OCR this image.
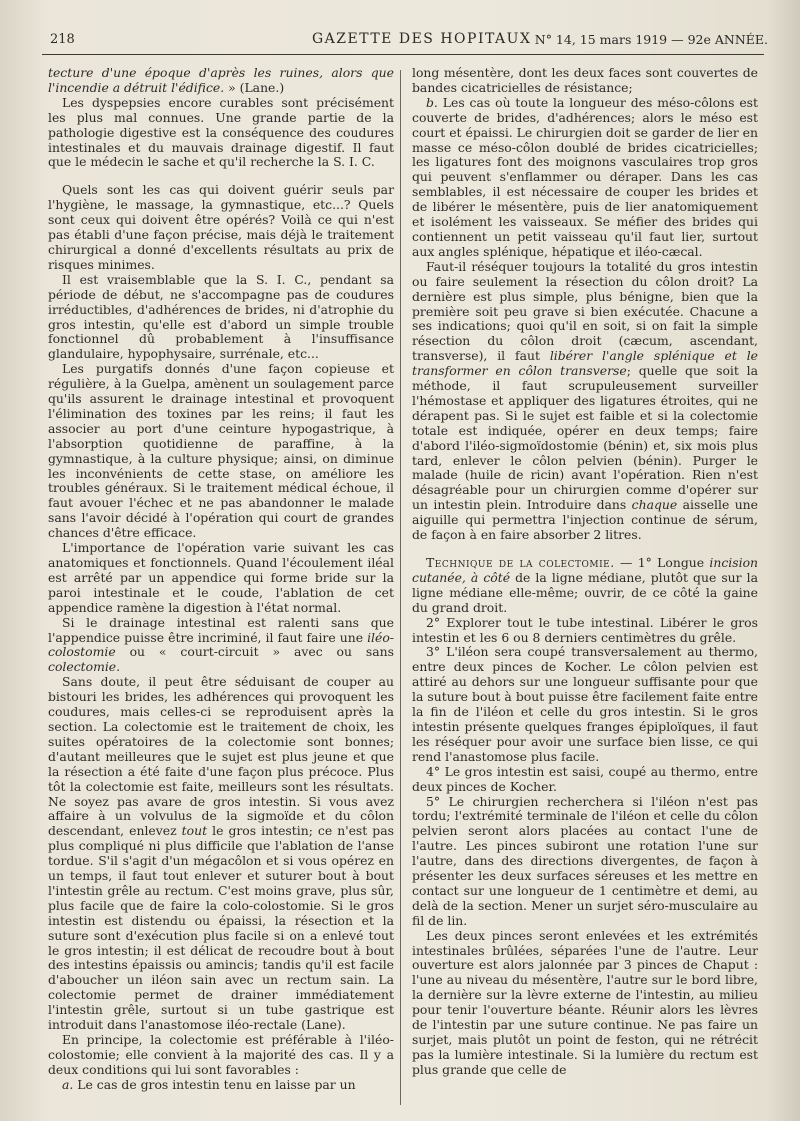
218	GAZETTE DES HOPITAUX N° 14, 15 mars 1919 — 92e ANNÉE.

tecture d'une époque d'après les ruines, alors que l'incendie a détruit l'édifice. » (Lane.)

Les dyspepsies encore curables sont précisément les plus mal connues. Une grande partie de la pathologie digestive est la conséquence des coudures intestinales et du mauvais drainage digestif. Il faut que le médecin le sache et qu'il recherche la S. I. C.

Quels sont les cas qui doivent guérir seuls par l'hygiène, le massage, la gymnastique, etc...? Quels sont ceux qui doivent être opérés? Voilà ce qui n'est pas établi d'une façon précise, mais déjà le traitement chirurgical a donné d'excellents résultats au prix de risques minimes.

Il est vraisemblable que la S. I. C., pendant sa période de début, ne s'accompagne pas de coudures irréductibles, d'adhérences de brides, ni d'atrophie du gros intestin, qu'elle est d'abord un simple trouble fonctionnel dû probablement à l'insuffisance glandulaire, hypophysaire, surrénale, etc...

Les purgatifs donnés d'une façon copieuse et régulière, à la Guelpa, amènent un soulagement parce qu'ils assurent le drainage intestinal et provoquent l'élimination des toxines par les reins; il faut les associer au port d'une ceinture hypogastrique, à l'absorption quotidienne de paraffine, à la gymnastique, à la culture physique; ainsi, on diminue les inconvénients de cette stase, on améliore les troubles généraux. Si le traitement médical échoue, il faut avouer l'échec et ne pas abandonner le malade sans l'avoir décidé à l'opération qui court de grandes chances d'être efficace.

L'importance de l'opération varie suivant les cas anatomiques et fonctionnels. Quand l'écoulement iléal est arrêté par un appendice qui forme bride sur la paroi intestinale et le coude, l'ablation de cet appendice ramène la digestion à l'état normal.

Si le drainage intestinal est ralenti sans que l'appendice puisse être incriminé, il faut faire une iléo-colostomie ou « court-circuit » avec ou sans colectomie.

Sans doute, il peut être séduisant de couper au bistouri les brides, les adhérences qui provoquent les coudures, mais celles-ci se reproduisent après la section. La colectomie est le traitement de choix, les suites opératoires de la colectomie sont bonnes; d'autant meilleures que le sujet est plus jeune et que la résection a été faite d'une façon plus précoce. Plus tôt la colectomie est faite, meilleurs sont les résultats. Ne soyez pas avare de gros intestin. Si vous avez affaire à un volvulus de la sigmoïde et du côlon descendant, enlevez tout le gros intestin; ce n'est pas plus compliqué ni plus difficile que l'ablation de l'anse tordue. S'il s'agit d'un mégacôlon et si vous opérez en un temps, il faut tout enlever et suturer bout à bout l'intestin grêle au rectum. C'est moins grave, plus sûr, plus facile que de faire la colo-colostomie. Si le gros intestin est distendu ou épaissi, la résection et la suture sont d'exécution plus facile si on a enlevé tout le gros intestin; il est délicat de recoudre bout à bout des intestins épaissis ou amincis; tandis qu'il est facile d'aboucher un iléon sain avec un rectum sain. La colectomie permet de drainer immédiatement l'intestin grêle, surtout si un tube gastrique est introduit dans l'anastomose iléo-rectale (Lane).

En principe, la colectomie est préférable à l'iléo-colostomie; elle convient à la majorité des cas. Il y a deux conditions qui lui sont favorables :

a. Le cas de gros intestin tenu en laisse par un

long mésentère, dont les deux faces sont couvertes de bandes cicatricielles de résistance;

b. Les cas où toute la longueur des méso-côlons est couverte de brides, d'adhérences; alors le méso est court et épaissi. Le chirurgien doit se garder de lier en masse ce méso-côlon doublé de brides cicatricielles; les ligatures font des moignons vasculaires trop gros qui peuvent s'enflammer ou déraper. Dans les cas semblables, il est nécessaire de couper les brides et de libérer le mésentère, puis de lier anatomiquement et isolément les vaisseaux. Se méfier des brides qui contiennent un petit vaisseau qu'il faut lier, surtout aux angles splénique, hépatique et iléo-cæcal.

Faut-il réséquer toujours la totalité du gros intestin ou faire seulement la résection du côlon droit? La dernière est plus simple, plus bénigne, bien que la première soit peu grave si bien exécutée. Chacune a ses indications; quoi qu'il en soit, si on fait la simple résection du côlon droit (cæcum, ascendant, transverse), il faut libérer l'angle splénique et le transformer en côlon transverse; quelle que soit la méthode, il faut scrupuleusement surveiller l'hémostase et appliquer des ligatures étroites, qui ne dérapent pas. Si le sujet est faible et si la colectomie totale est indiquée, opérer en deux temps; faire d'abord l'iléo-sigmoïdostomie (bénin) et, six mois plus tard, enlever le côlon pelvien (bénin). Purger le malade (huile de ricin) avant l'opération. Rien n'est désagréable pour un chirurgien comme d'opérer sur un intestin plein. Introduire dans chaque aisselle une aiguille qui permettra l'injection continue de sérum, de façon à en faire absorber 2 litres.

Technique de la colectomie. — 1° Longue incision cutanée, à côté de la ligne médiane, plutôt que sur la ligne médiane elle-même; ouvrir, de ce côté la gaine du grand droit.

2° Explorer tout le tube intestinal. Libérer le gros intestin et les 6 ou 8 derniers centimètres du grêle.

3° L'iléon sera coupé transversalement au thermo, entre deux pinces de Kocher. Le côlon pelvien est attiré au dehors sur une longueur suffisante pour que la suture bout à bout puisse être facilement faite entre la fin de l'iléon et celle du gros intestin. Si le gros intestin présente quelques franges épiploïques, il faut les réséquer pour avoir une surface bien lisse, ce qui rend l'anastomose plus facile.

4° Le gros intestin est saisi, coupé au thermo, entre deux pinces de Kocher.

5° Le chirurgien recherchera si l'iléon n'est pas tordu; l'extrémité terminale de l'iléon et celle du côlon pelvien seront alors placées au contact l'une de l'autre. Les pinces subiront une rotation l'une sur l'autre, dans des directions divergentes, de façon à présenter les deux surfaces séreuses et les mettre en contact sur une longueur de 1 centimètre et demi, au delà de la section. Mener un surjet séro-musculaire au fil de lin.

Les deux pinces seront enlevées et les extrémités intestinales brûlées, séparées l'une de l'autre. Leur ouverture est alors jalonnée par 3 pinces de Chaput : l'une au niveau du mésentère, l'autre sur le bord libre, la dernière sur la lèvre externe de l'intestin, au milieu pour tenir l'ouverture béante. Réunir alors les lèvres de l'intestin par une suture continue. Ne pas faire un surjet, mais plutôt un point de feston, qui ne rétrécit pas la lumière intestinale. Si la lumière du rectum est plus grande que celle de
